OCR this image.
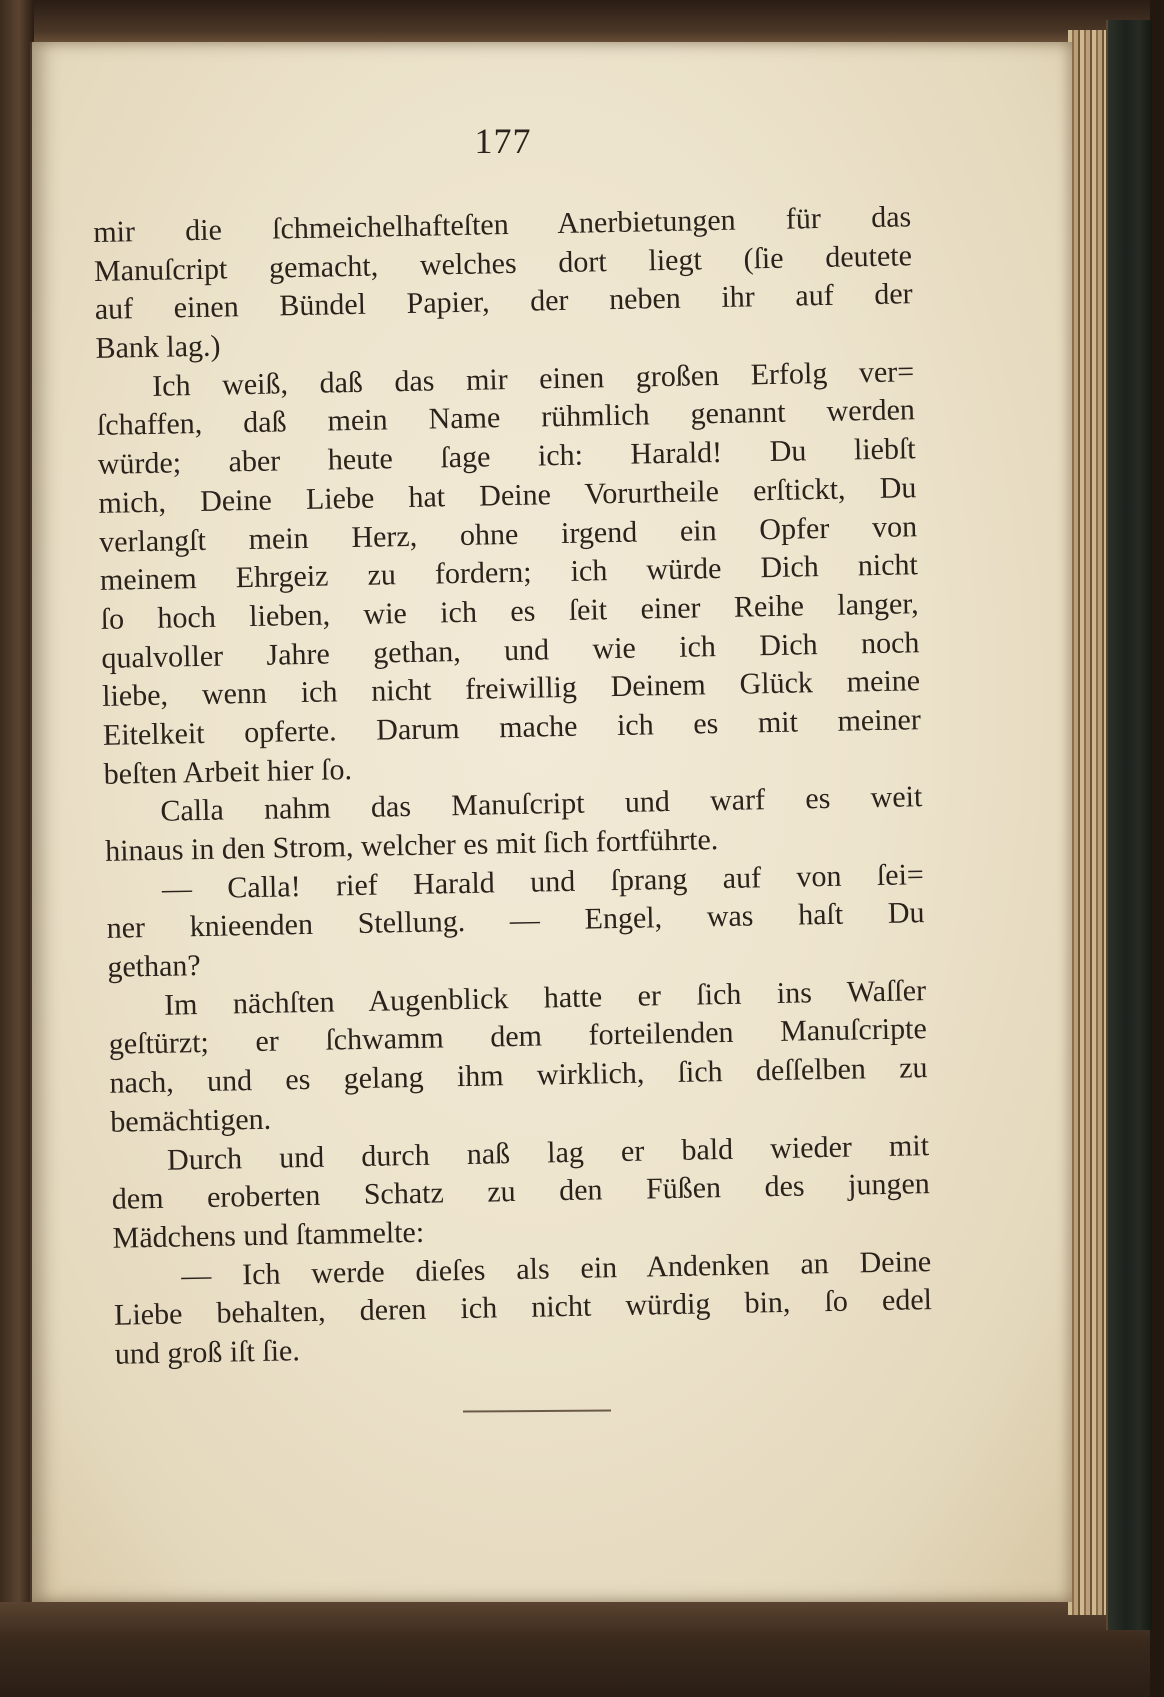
177
mir die ſchmeichelhafteſten Anerbietungen für das
Manuſcript gemacht, welches dort liegt (ſie deutete
auf einen Bündel Papier, der neben ihr auf der
Bank lag.)
Ich weiß, daß das mir einen großen Erfolg ver=
ſchaffen, daß mein Name rühmlich genannt werden
würde; aber heute ſage ich: Harald! Du liebſt
mich, Deine Liebe hat Deine Vorurtheile erſtickt, Du
verlangſt mein Herz, ohne irgend ein Opfer von
meinem Ehrgeiz zu fordern; ich würde Dich nicht
ſo hoch lieben, wie ich es ſeit einer Reihe langer,
qualvoller Jahre gethan, und wie ich Dich noch
liebe, wenn ich nicht freiwillig Deinem Glück meine
Eitelkeit opferte. Darum mache ich es mit meiner
beſten Arbeit hier ſo.
Calla nahm das Manuſcript und warf es weit
hinaus in den Strom, welcher es mit ſich fortführte.
— Calla! rief Harald und ſprang auf von ſei=
ner knieenden Stellung. — Engel, was haſt Du
gethan?
Im nächſten Augenblick hatte er ſich ins Waſſer
geſtürzt; er ſchwamm dem forteilenden Manuſcripte
nach, und es gelang ihm wirklich, ſich deſſelben zu
bemächtigen.
Durch und durch naß lag er bald wieder mit
dem eroberten Schatz zu den Füßen des jungen
Mädchens und ſtammelte:
— Ich werde dieſes als ein Andenken an Deine
Liebe behalten, deren ich nicht würdig bin, ſo edel
und groß iſt ſie.
